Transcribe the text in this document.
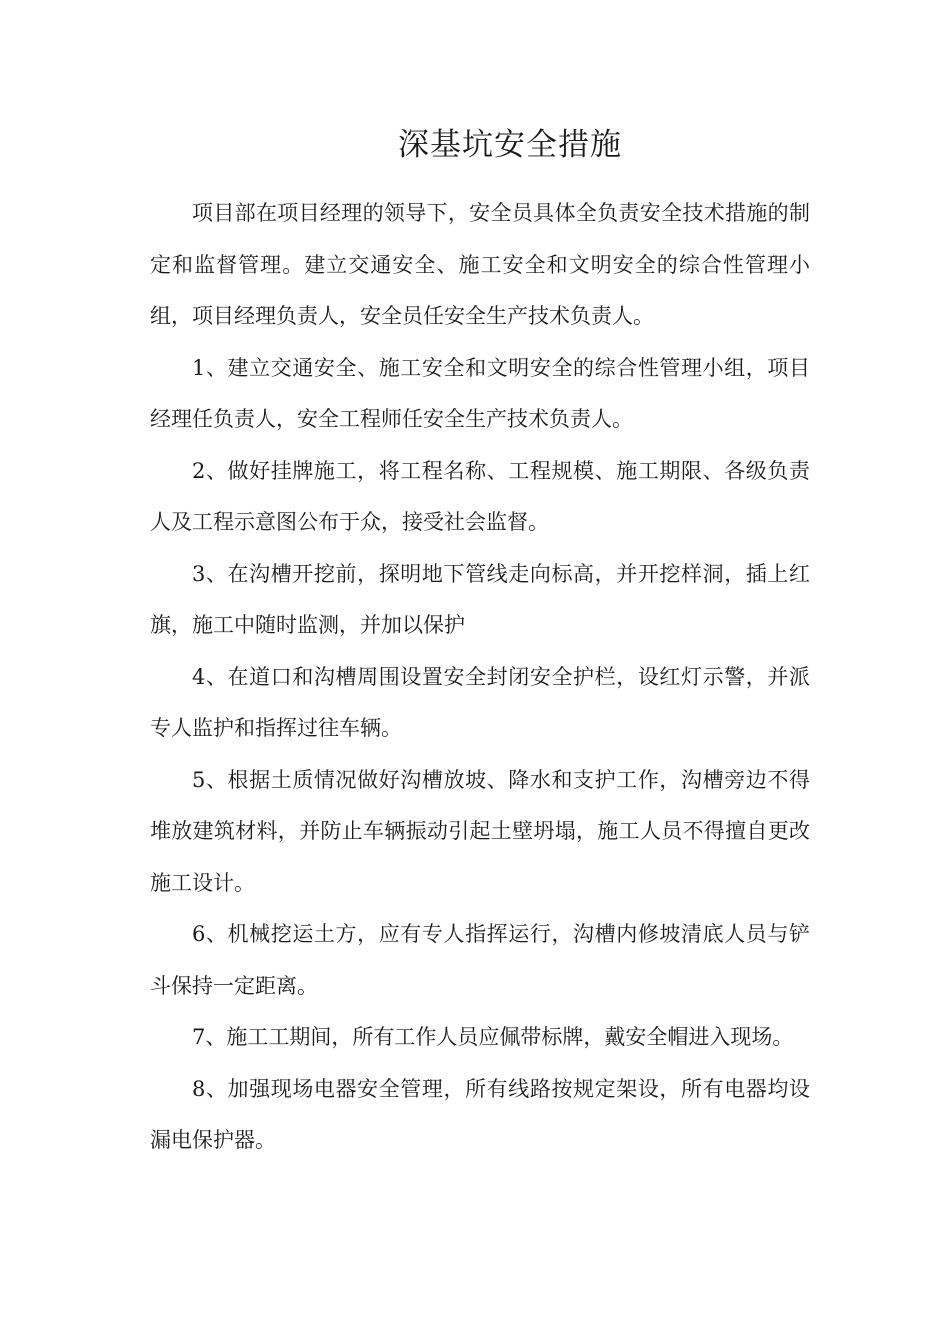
深基坑安全措施

项目部在项目经理的领导下，安全员具体全负责安全技术措施的制定和监督管理。建立交通安全、施工安全和文明安全的综合性管理小组，项目经理负责人，安全员任安全生产技术负责人。

1、建立交通安全、施工安全和文明安全的综合性管理小组，项目经理任负责人，安全工程师任安全生产技术负责人。

2、做好挂牌施工，将工程名称、工程规模、施工期限、各级负责人及工程示意图公布于众，接受社会监督。

3、在沟槽开挖前，探明地下管线走向标高，并开挖样洞，插上红旗，施工中随时监测，并加以保护

4、在道口和沟槽周围设置安全封闭安全护栏，设红灯示警，并派专人监护和指挥过往车辆。

5、根据土质情况做好沟槽放坡、降水和支护工作，沟槽旁边不得堆放建筑材料，并防止车辆振动引起土壁坍塌，施工人员不得擅自更改施工设计。

6、机械挖运土方，应有专人指挥运行，沟槽内修坡清底人员与铲斗保持一定距离。

7、施工工期间，所有工作人员应佩带标牌，戴安全帽进入现场。

8、加强现场电器安全管理，所有线路按规定架设，所有电器均设漏电保护器。
